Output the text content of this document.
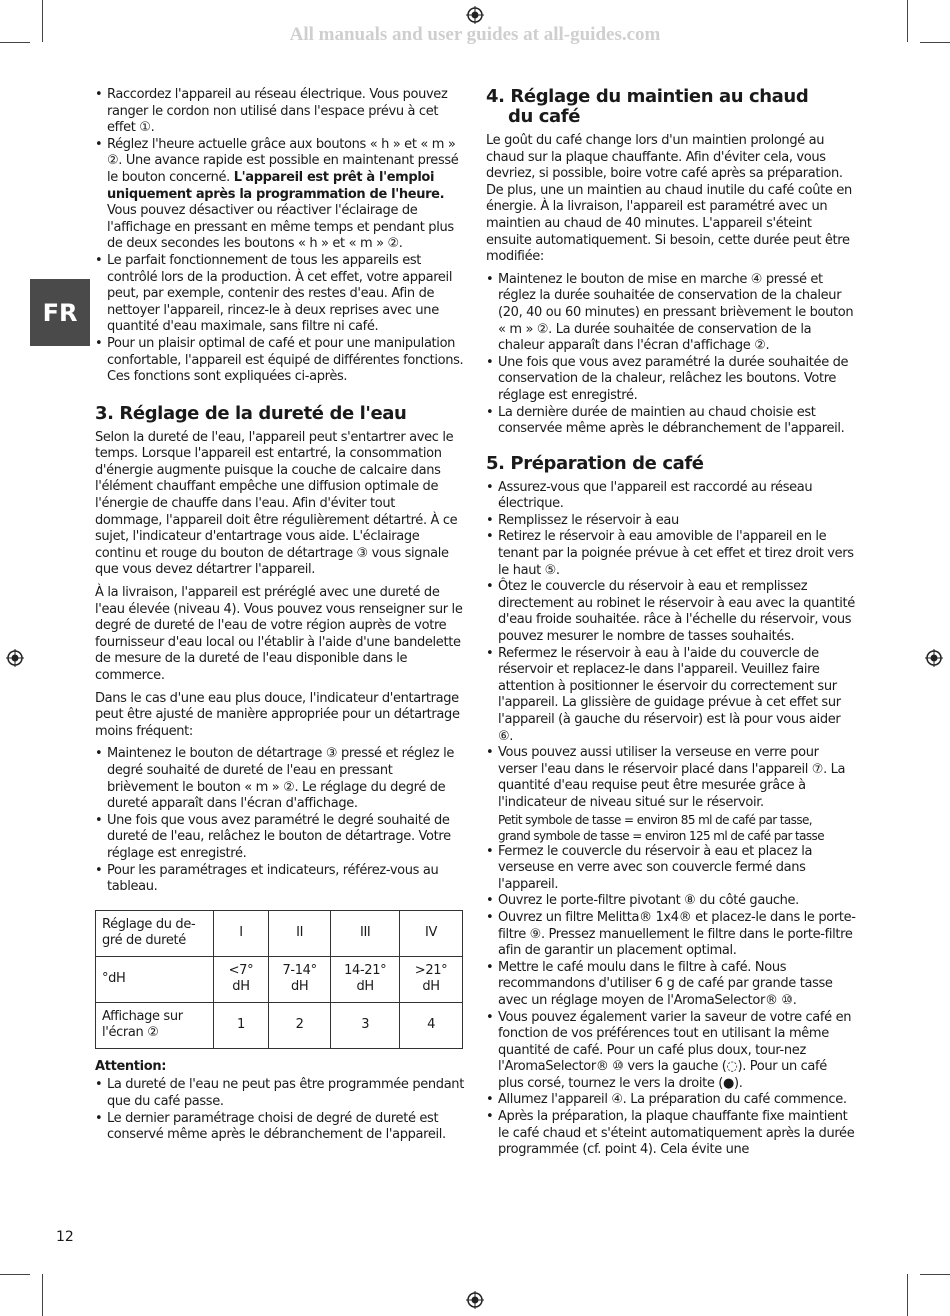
All manuals and user guides at all-guides.com
FR
• Raccordez l'appareil au réseau électrique. Vous pouvez ranger le cordon non utilisé dans l'espace prévu à cet effet ①.
• Réglez l'heure actuelle grâce aux boutons « h » et « m » ②. Une avance rapide est possible en maintenant pressé le bouton concerné. L'appareil est prêt à l'emploi uniquement après la programmation de l'heure. Vous pouvez désactiver ou réactiver l'éclairage de l'affichage en pressant en même temps et pendant plus de deux secondes les boutons « h » et « m » ②.
• Le parfait fonctionnement de tous les appareils est contrôlé lors de la production. À cet effet, votre appareil peut, par exemple, contenir des restes d'eau. Afin de nettoyer l'appareil, rincez-le à deux reprises avec une quantité d'eau maximale, sans filtre ni café.
• Pour un plaisir optimal de café et pour une manipulation confortable, l'appareil est équipé de différentes fonctions. Ces fonctions sont expliquées ci-après.
3. Réglage de la dureté de l'eau

Selon la dureté de l'eau, l'appareil peut s'entartrer avec le temps. Lorsque l'appareil est entartré, la consommation d'énergie augmente puisque la couche de calcaire dans l'élément chauffant empêche une diffusion optimale de l'énergie de chauffe dans l'eau. Afin d'éviter tout dommage, l'appareil doit être régulièrement détartré. À ce sujet, l'indicateur d'entartrage vous aide. L'éclairage continu et rouge du bouton de détartrage ③ vous signale que vous devez détartrer l'appareil.

À la livraison, l'appareil est préréglé avec une dureté de l'eau élevée (niveau 4). Vous pouvez vous renseigner sur le degré de dureté de l'eau de votre région auprès de votre fournisseur d'eau local ou l'établir à l'aide d'une bandelette de mesure de la dureté de l'eau disponible dans le commerce.

Dans le cas d'une eau plus douce, l'indicateur d'entartrage peut être ajusté de manière appropriée pour un détartrage moins fréquent:

• Maintenez le bouton de détartrage ③ pressé et réglez le degré souhaité de dureté de l'eau en pressant brièvement le bouton « m » ②. Le réglage du degré de dureté apparaît dans l'écran d'affichage.
• Une fois que vous avez paramétré le degré souhaité de dureté de l'eau, relâchez le bouton de détartrage. Votre réglage est enregistré.
• Pour les paramétrages et indicateurs, référez-vous au tableau.
Réglage du de-gré de dureté	I	II	III	IV
°dH	<7° dH	7-14° dH	14-21° dH	>21° dH
Affichage sur l'écran ②	1	2	3	4
Attention:
• La dureté de l'eau ne peut pas être programmée pendant que du café passe.
• Le dernier paramétrage choisi de degré de dureté est conservé même après le débranchement de l'appareil.
4. Réglage du maintien au chaud
du café

Le goût du café change lors d'un maintien prolongé au chaud sur la plaque chauffante. Afin d'éviter cela, vous devriez, si possible, boire votre café après sa préparation. De plus, une un maintien au chaud inutile du café coûte en énergie. À la livraison, l'appareil est paramétré avec un maintien au chaud de 40 minutes. L'appareil s'éteint ensuite automatiquement. Si besoin, cette durée peut être modifiée:

• Maintenez le bouton de mise en marche ④ pressé et réglez la durée souhaitée de conservation de la chaleur (20, 40 ou 60 minutes) en pressant brièvement le bouton « m » ②. La durée souhaitée de conservation de la chaleur apparaît dans l'écran d'affichage ②.
• Une fois que vous avez paramétré la durée souhaitée de conservation de la chaleur, relâchez les boutons. Votre réglage est enregistré.
• La dernière durée de maintien au chaud choisie est conservée même après le débranchement de l'appareil.
5. Préparation de café
• Assurez-vous que l'appareil est raccordé au réseau électrique.
• Remplissez le réservoir à eau
• Retirez le réservoir à eau amovible de l'appareil en le tenant par la poignée prévue à cet effet et tirez droit vers le haut ⑤.
• Ôtez le couvercle du réservoir à eau et remplissez directement au robinet le réservoir à eau avec la quantité d'eau froide souhaitée. râce à l'échelle du réservoir, vous pouvez mesurer le nombre de tasses souhaités.
• Refermez le réservoir à eau à l'aide du couvercle de réservoir et replacez-le dans l'appareil. Veuillez faire attention à positionner le éservoir du correctement sur l'appareil. La glissière de guidage prévue à cet effet sur l'appareil (à gauche du réservoir) est là pour vous aider ⑥.
• Vous pouvez aussi utiliser la verseuse en verre pour verser l'eau dans le réservoir placé dans l'appareil ⑦. La quantité d'eau requise peut être mesurée grâce à l'indicateur de niveau situé sur le réservoir.
Petit symbole de tasse = environ 85 ml de café par tasse,
grand symbole de tasse = environ 125 ml de café par tasse
• Fermez le couvercle du réservoir à eau et placez la verseuse en verre avec son couvercle fermé dans l'appareil.
• Ouvrez le porte-filtre pivotant ⑧ du côté gauche.
• Ouvrez un filtre Melitta® 1x4® et placez-le dans le porte-filtre ⑨. Pressez manuellement le filtre dans le porte-filtre afin de garantir un placement optimal.
• Mettre le café moulu dans le filtre à café. Nous recommandons d'utiliser 6 g de café par grande tasse avec un réglage moyen de l'AromaSelector® ⑩.
• Vous pouvez également varier la saveur de votre café en fonction de vos préférences tout en utilisant la même quantité de café. Pour un café plus doux, tour-nez l'AromaSelector® ⑩ vers la gauche (◌). Pour un café plus corsé, tournez le vers la droite (●).
• Allumez l'appareil ④. La préparation du café commence.
• Après la préparation, la plaque chauffante fixe maintient le café chaud et s'éteint automatiquement après la durée programmée (cf. point 4). Cela évite une
12
